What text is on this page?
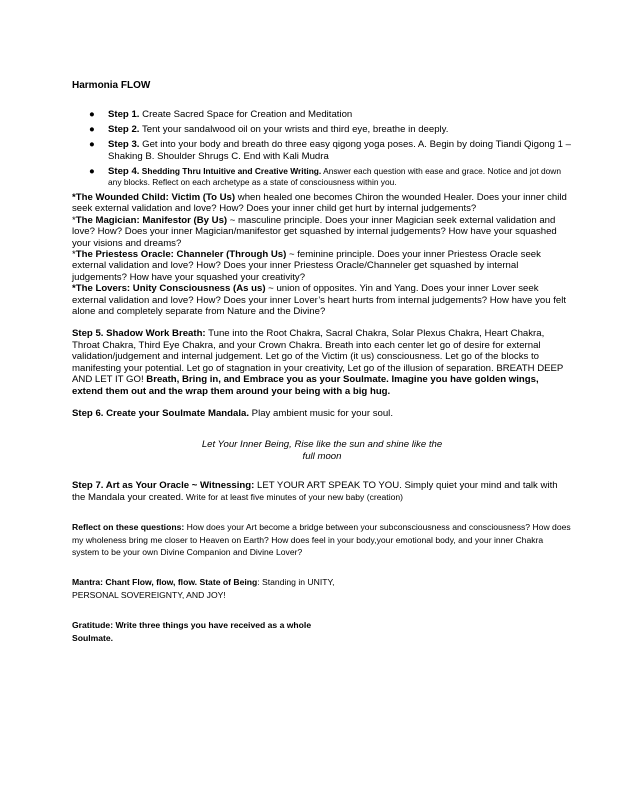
Harmonia FLOW
● Step 1. Create Sacred Space for Creation and Meditation
● Step 2. Tent your sandalwood oil on your wrists and third eye, breathe in deeply.
● Step 3. Get into your body and breath do three easy qigong yoga poses. A. Begin by doing Tiandi Qigong 1 – Shaking B. Shoulder Shrugs C. End with Kali Mudra
● Step 4. Shedding Thru Intuitive and Creative Writing. Answer each question with ease and grace. Notice and jot down any blocks. Reflect on each archetype as a state of consciousness within you.

*The Wounded Child: Victim (To Us) when healed one becomes Chiron the wounded Healer. Does your inner child seek external validation and love? How? Does your inner child get hurt by internal judgements?

*The Magician: Manifestor (By Us) ~ masculine principle. Does your inner Magician seek external validation and love? How? Does your inner Magician/manifestor get squashed by internal judgements? How have your squashed your visions and dreams?

*The Priestess Oracle: Channeler (Through Us) ~ feminine principle. Does your inner Priestess Oracle seek external validation and love? How? Does your inner Priestess Oracle/Channeler get squashed by internal judgements? How have your squashed your creativity?

*The Lovers: Unity Consciousness (As us) ~ union of opposites. Yin and Yang. Does your inner Lover seek external validation and love? How? Does your inner Lover’s heart hurts from internal judgements? How have you felt alone and completely separate from Nature and the Divine?

Step 5. Shadow Work Breath: Tune into the Root Chakra, Sacral Chakra, Solar Plexus Chakra, Heart Chakra, Throat Chakra, Third Eye Chakra, and your Crown Chakra. Breath into each center let go of desire for external validation/judgement and internal judgement. Let go of the Victim (it us) consciousness. Let go of the blocks to manifesting your potential. Let go of stagnation in your creativity, Let go of the illusion of separation. BREATH DEEP AND LET IT GO! Breath, Bring in, and Embrace you as your Soulmate. Imagine you have golden wings, extend them out and the wrap them around your being with a big hug.

Step 6. Create your Soulmate Mandala. Play ambient music for your soul.

Let Your Inner Being, Rise like the sun and shine like the
full moon

Step 7. Art as Your Oracle ~ Witnessing: LET YOUR ART SPEAK TO YOU. Simply quiet your mind and talk with the Mandala your created. Write for at least five minutes of your new baby (creation)

Reflect on these questions: How does your Art become a bridge between your subconsciousness and consciousness? How does my wholeness bring me closer to Heaven on Earth? How does feel in your body,your emotional body, and your inner Chakra system to be your own Divine Companion and Divine Lover?

Mantra: Chant Flow, flow, flow. State of Being: Standing in UNITY, PERSONAL SOVEREIGNTY, AND JOY!

Gratitude: Write three things you have received as a whole
Soulmate.
